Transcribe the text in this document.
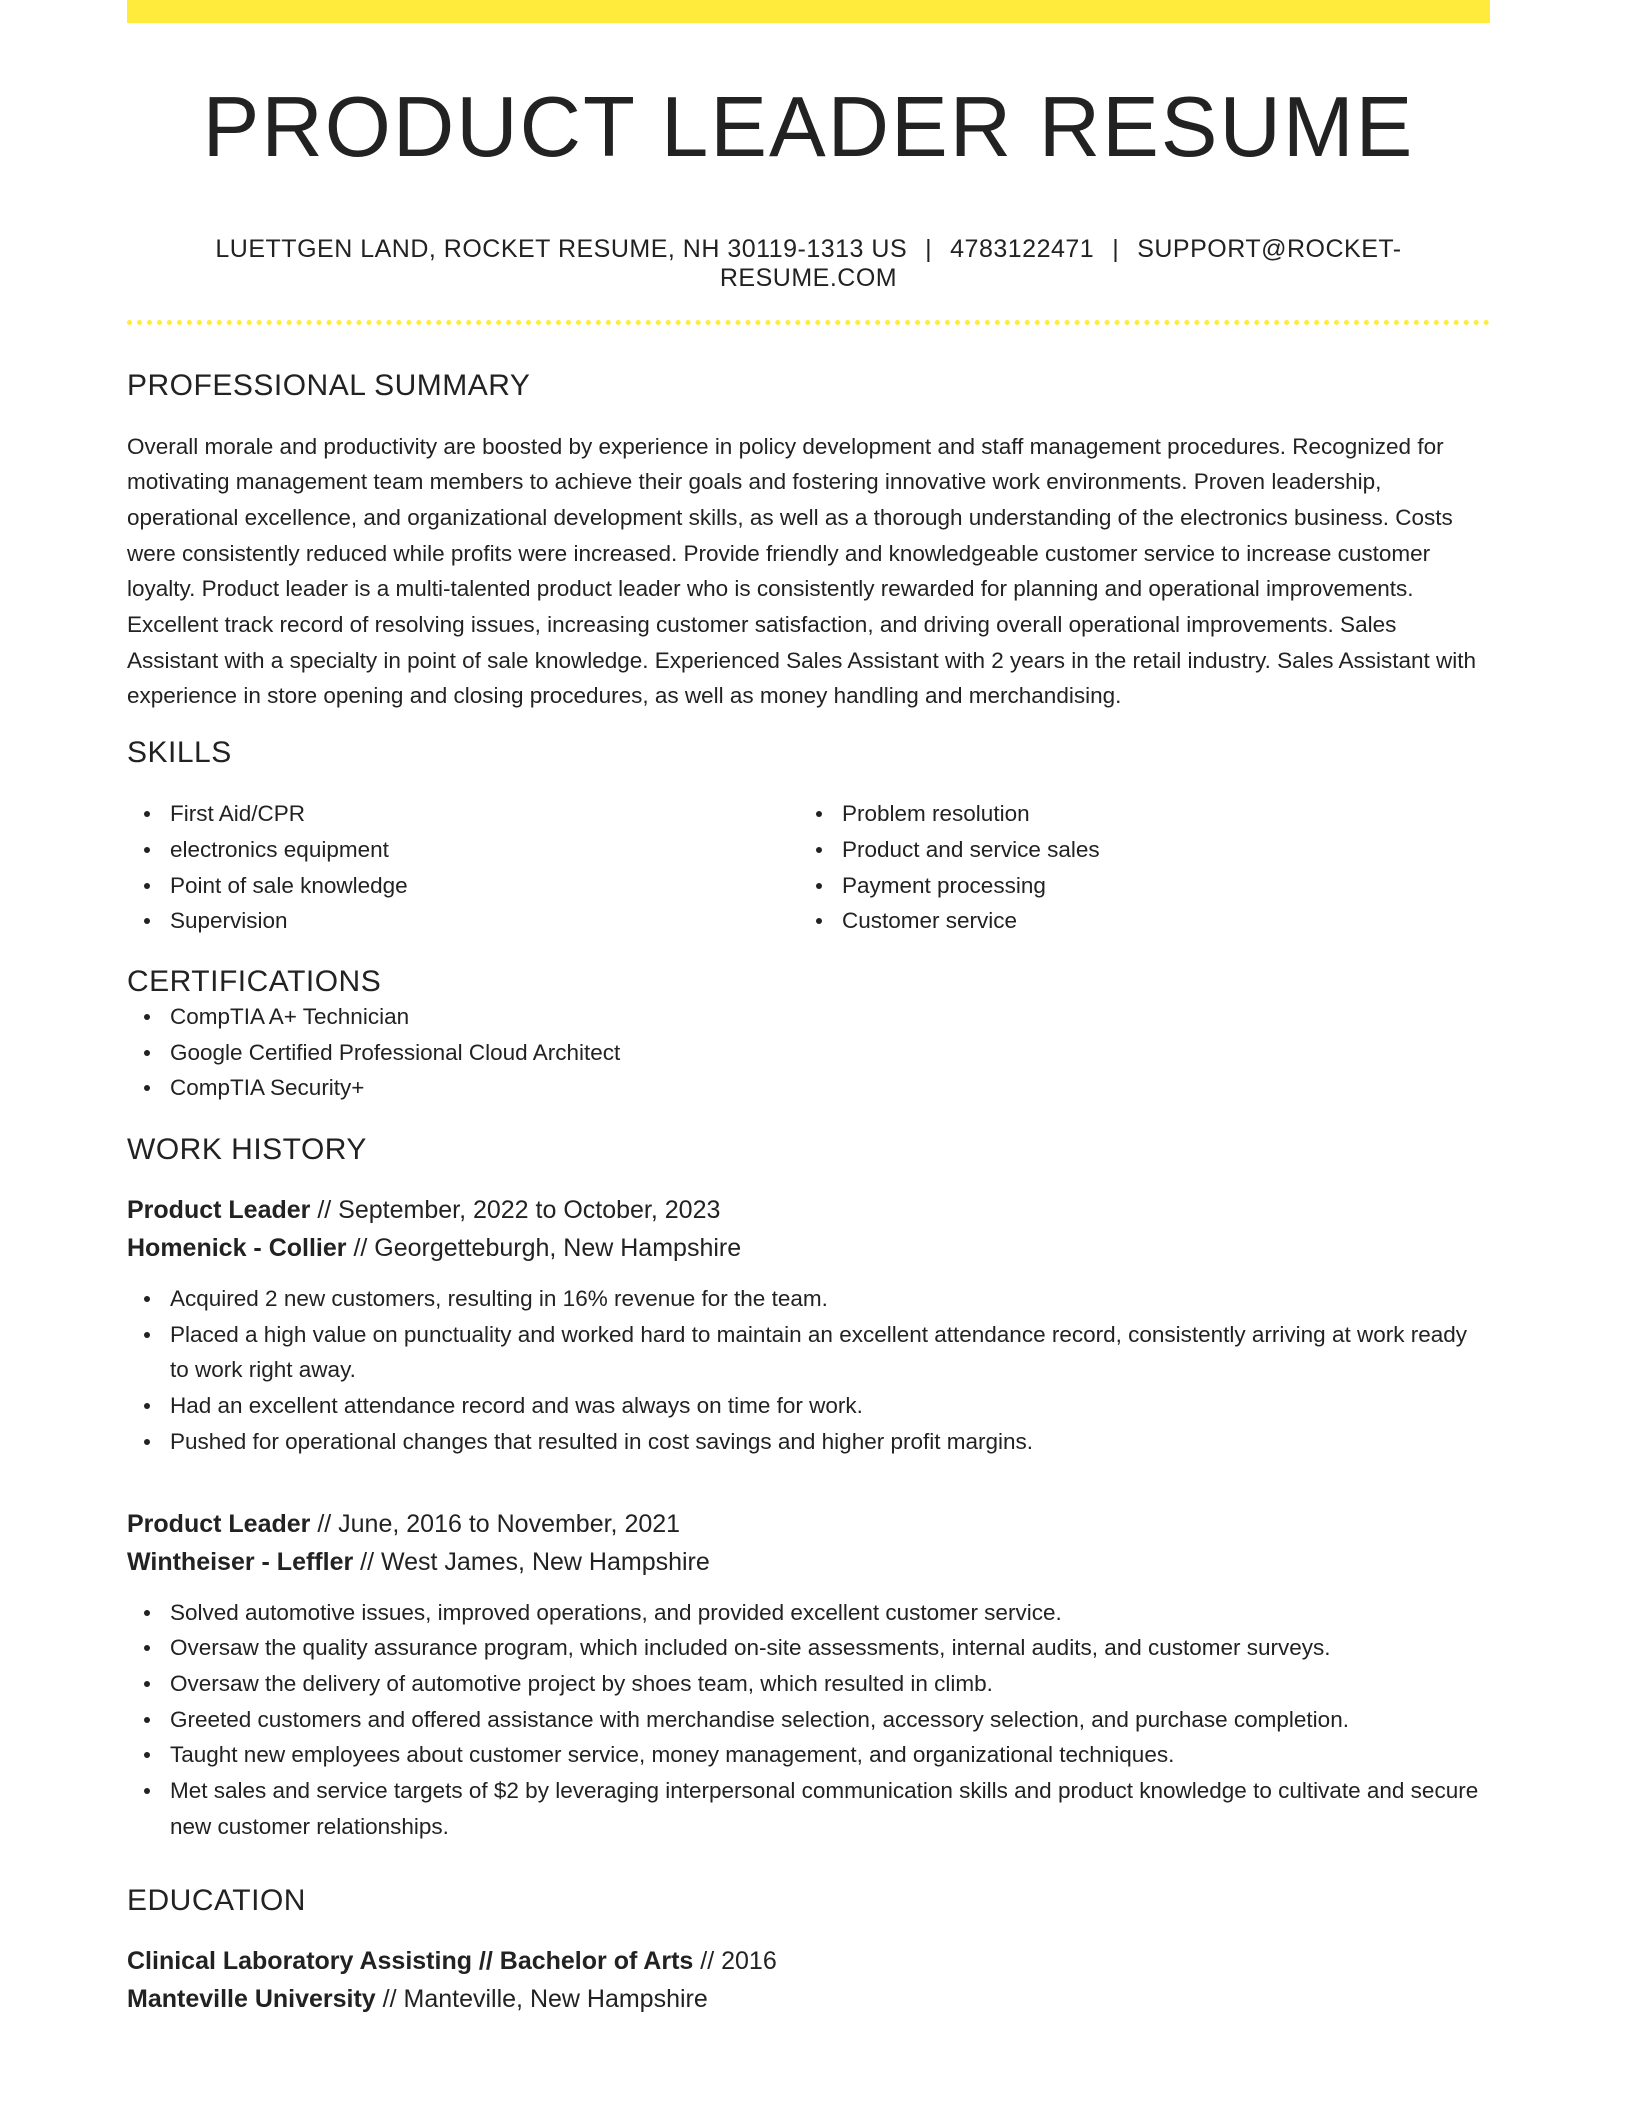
PRODUCT LEADER RESUME
LUETTGEN LAND, ROCKET RESUME, NH 30119-1313 US | 4783122471 | SUPPORT@ROCKET-RESUME.COM
PROFESSIONAL SUMMARY

Overall morale and productivity are boosted by experience in policy development and staff management procedures. Recognized for motivating management team members to achieve their goals and fostering innovative work environments. Proven leadership, operational excellence, and organizational development skills, as well as a thorough understanding of the electronics business. Costs were consistently reduced while profits were increased. Provide friendly and knowledgeable customer service to increase customer loyalty. Product leader is a multi-talented product leader who is consistently rewarded for planning and operational improvements. Excellent track record of resolving issues, increasing customer satisfaction, and driving overall operational improvements. Sales Assistant with a specialty in point of sale knowledge. Experienced Sales Assistant with 2 years in the retail industry. Sales Assistant with experience in store opening and closing procedures, as well as money handling and merchandising.

SKILLS
First Aid/CPR
electronics equipment
Point of sale knowledge
Supervision
Problem resolution
Product and service sales
Payment processing
Customer service
CERTIFICATIONS
CompTIA A+ Technician
Google Certified Professional Cloud Architect
CompTIA Security+
WORK HISTORY
Product Leader // September, 2022 to October, 2023
Homenick - Collier // Georgetteburgh, New Hampshire
Acquired 2 new customers, resulting in 16% revenue for the team.
Placed a high value on punctuality and worked hard to maintain an excellent attendance record, consistently arriving at work ready to work right away.
Had an excellent attendance record and was always on time for work.
Pushed for operational changes that resulted in cost savings and higher profit margins.
Product Leader // June, 2016 to November, 2021
Wintheiser - Leffler // West James, New Hampshire
Solved automotive issues, improved operations, and provided excellent customer service.
Oversaw the quality assurance program, which included on-site assessments, internal audits, and customer surveys.
Oversaw the delivery of automotive project by shoes team, which resulted in climb.
Greeted customers and offered assistance with merchandise selection, accessory selection, and purchase completion.
Taught new employees about customer service, money management, and organizational techniques.
Met sales and service targets of $2 by leveraging interpersonal communication skills and product knowledge to cultivate and secure new customer relationships.
EDUCATION
Clinical Laboratory Assisting // Bachelor of Arts // 2016
Manteville University // Manteville, New Hampshire
